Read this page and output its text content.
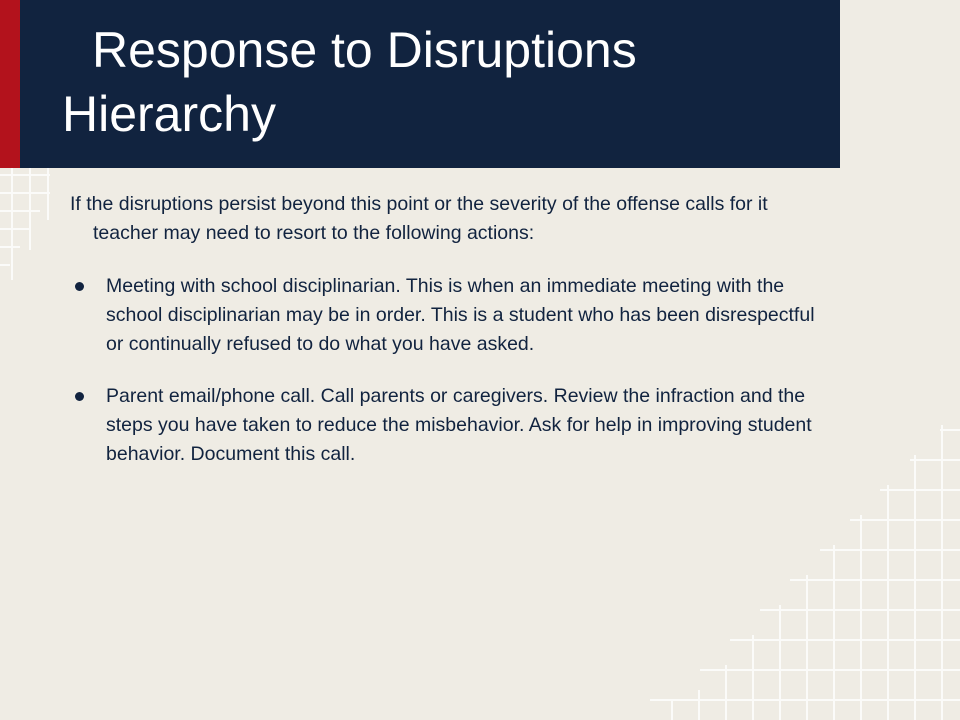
Response to Disruptions Hierarchy

If the disruptions persist beyond this point or the severity of the offense calls for it teacher may need to resort to the following actions:

Meeting with school disciplinarian. This is when an immediate meeting with the school disciplinarian may be in order. This is a student who has been disrespectful or continually refused to do what you have asked.
Parent email/phone call. Call parents or caregivers. Review the infraction and the steps you have taken to reduce the misbehavior. Ask for help in improving student behavior. Document this call.
